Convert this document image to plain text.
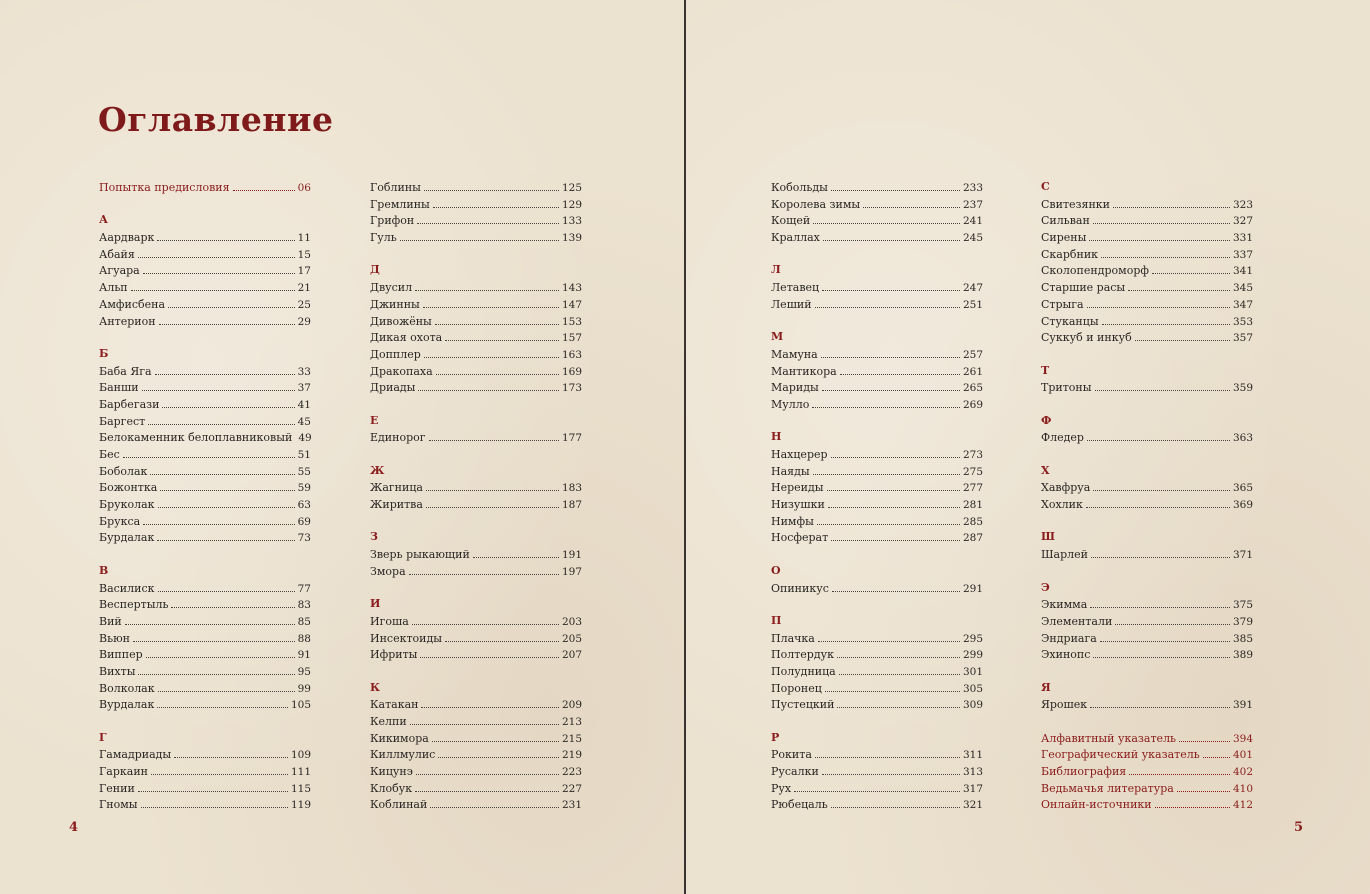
Оглавление
Попытка предисловия	06
А
Аардварк	11
Абайя	15
Агуара	17
Альп	21
Амфисбена	25
Антерион	29
Б
Баба Яга	33
Банши	37
Барбегази	41
Баргест	45
Белокаменник белоплавниковый 49
Бес	51
Боболак	55
Божонтка	59
Бруколак	63
Брукса	69
Бурдалак	73
В
Василиск	77
Веспертыль	83
Вий	85
Вьюн	88
Виппер	91
Вихты	95
Волколак	99
Вурдалак	105
Г
Гамадриады	109
Гаркаин	111
Гении	115
Гномы	119
Гоблины	125
Гремлины	129
Грифон	133
Гуль	139
Д
Двусил	143
Джинны	147
Дивожёны	153
Дикая охота	157
Допплер	163
Дракопаха	169
Дриады	173
Е
Единорог	177
Ж
Жагница	183
Жиритва	187
З
Зверь рыкающий	191
Змора	197
И
Игоша	203
Инсектоиды	205
Ифриты	207
К
Катакан	209
Келпи	213
Кикимора	215
Киллмулис	219
Кицунэ	223
Клобук	227
Коблинай	231
4
Кобольды	233
Королева зимы	237
Кощей	241
Краллах	245
Л
Летавец	247
Леший	251
М
Мамуна	257
Мантикора	261
Мариды	265
Мулло	269
Н
Нахцерер	273
Наяды	275
Нереиды	277
Низушки	281
Нимфы	285
Носферат	287
О
Опиникус	291
П
Плачка	295
Полтердук	299
Полудница	301
Поронец	305
Пустецкий	309
Р
Рокита	311
Русалки	313
Рух	317
Рюбецаль	321
С
Свитезянки	323
Сильван	327
Сирены	331
Скарбник	337
Сколопендроморф	341
Старшие расы	345
Стрыга	347
Стуканцы	353
Суккуб и инкуб	357
Т
Тритоны	359
Ф
Фледер	363
Х
Хавфруа	365
Хохлик	369
Ш
Шарлей	371
Э
Экимма	375
Элементали	379
Эндриага	385
Эхинопс	389
Я
Ярошек	391
Алфавитный указатель	394
Географический указатель	401
Библиография	402
Ведьмачья литература	410
Онлайн-источники	412
5
